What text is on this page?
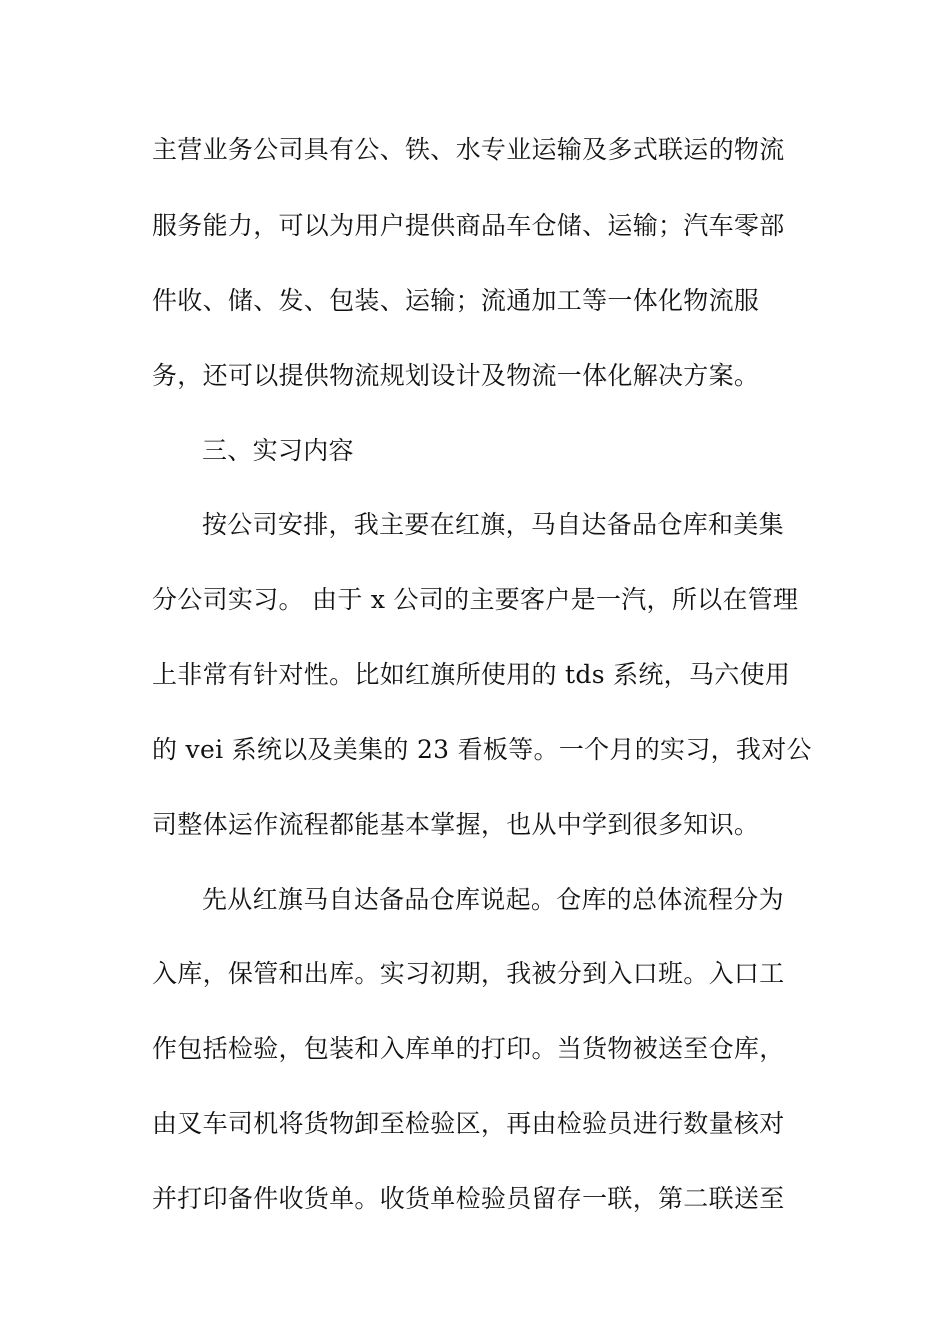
主营业务公司具有公、铁、水专业运输及多式联运的物流
服务能力，可以为用户提供商品车仓储、运输；汽车零部
件收、储、发、包装、运输；流通加工等一体化物流服
务，还可以提供物流规划设计及物流一体化解决方案。
三、实习内容
按公司安排，我主要在红旗，马自达备品仓库和美集
分公司实习。 由于 x 公司的主要客户是一汽，所以在管理
上非常有针对性。比如红旗所使用的 tds 系统，马六使用
的 vei 系统以及美集的 23 看板等。一个月的实习，我对公
司整体运作流程都能基本掌握，也从中学到很多知识。
先从红旗马自达备品仓库说起。仓库的总体流程分为
入库，保管和出库。实习初期，我被分到入口班。入口工
作包括检验，包装和入库单的打印。当货物被送至仓库，
由叉车司机将货物卸至检验区，再由检验员进行数量核对
并打印备件收货单。收货单检验员留存一联，第二联送至
